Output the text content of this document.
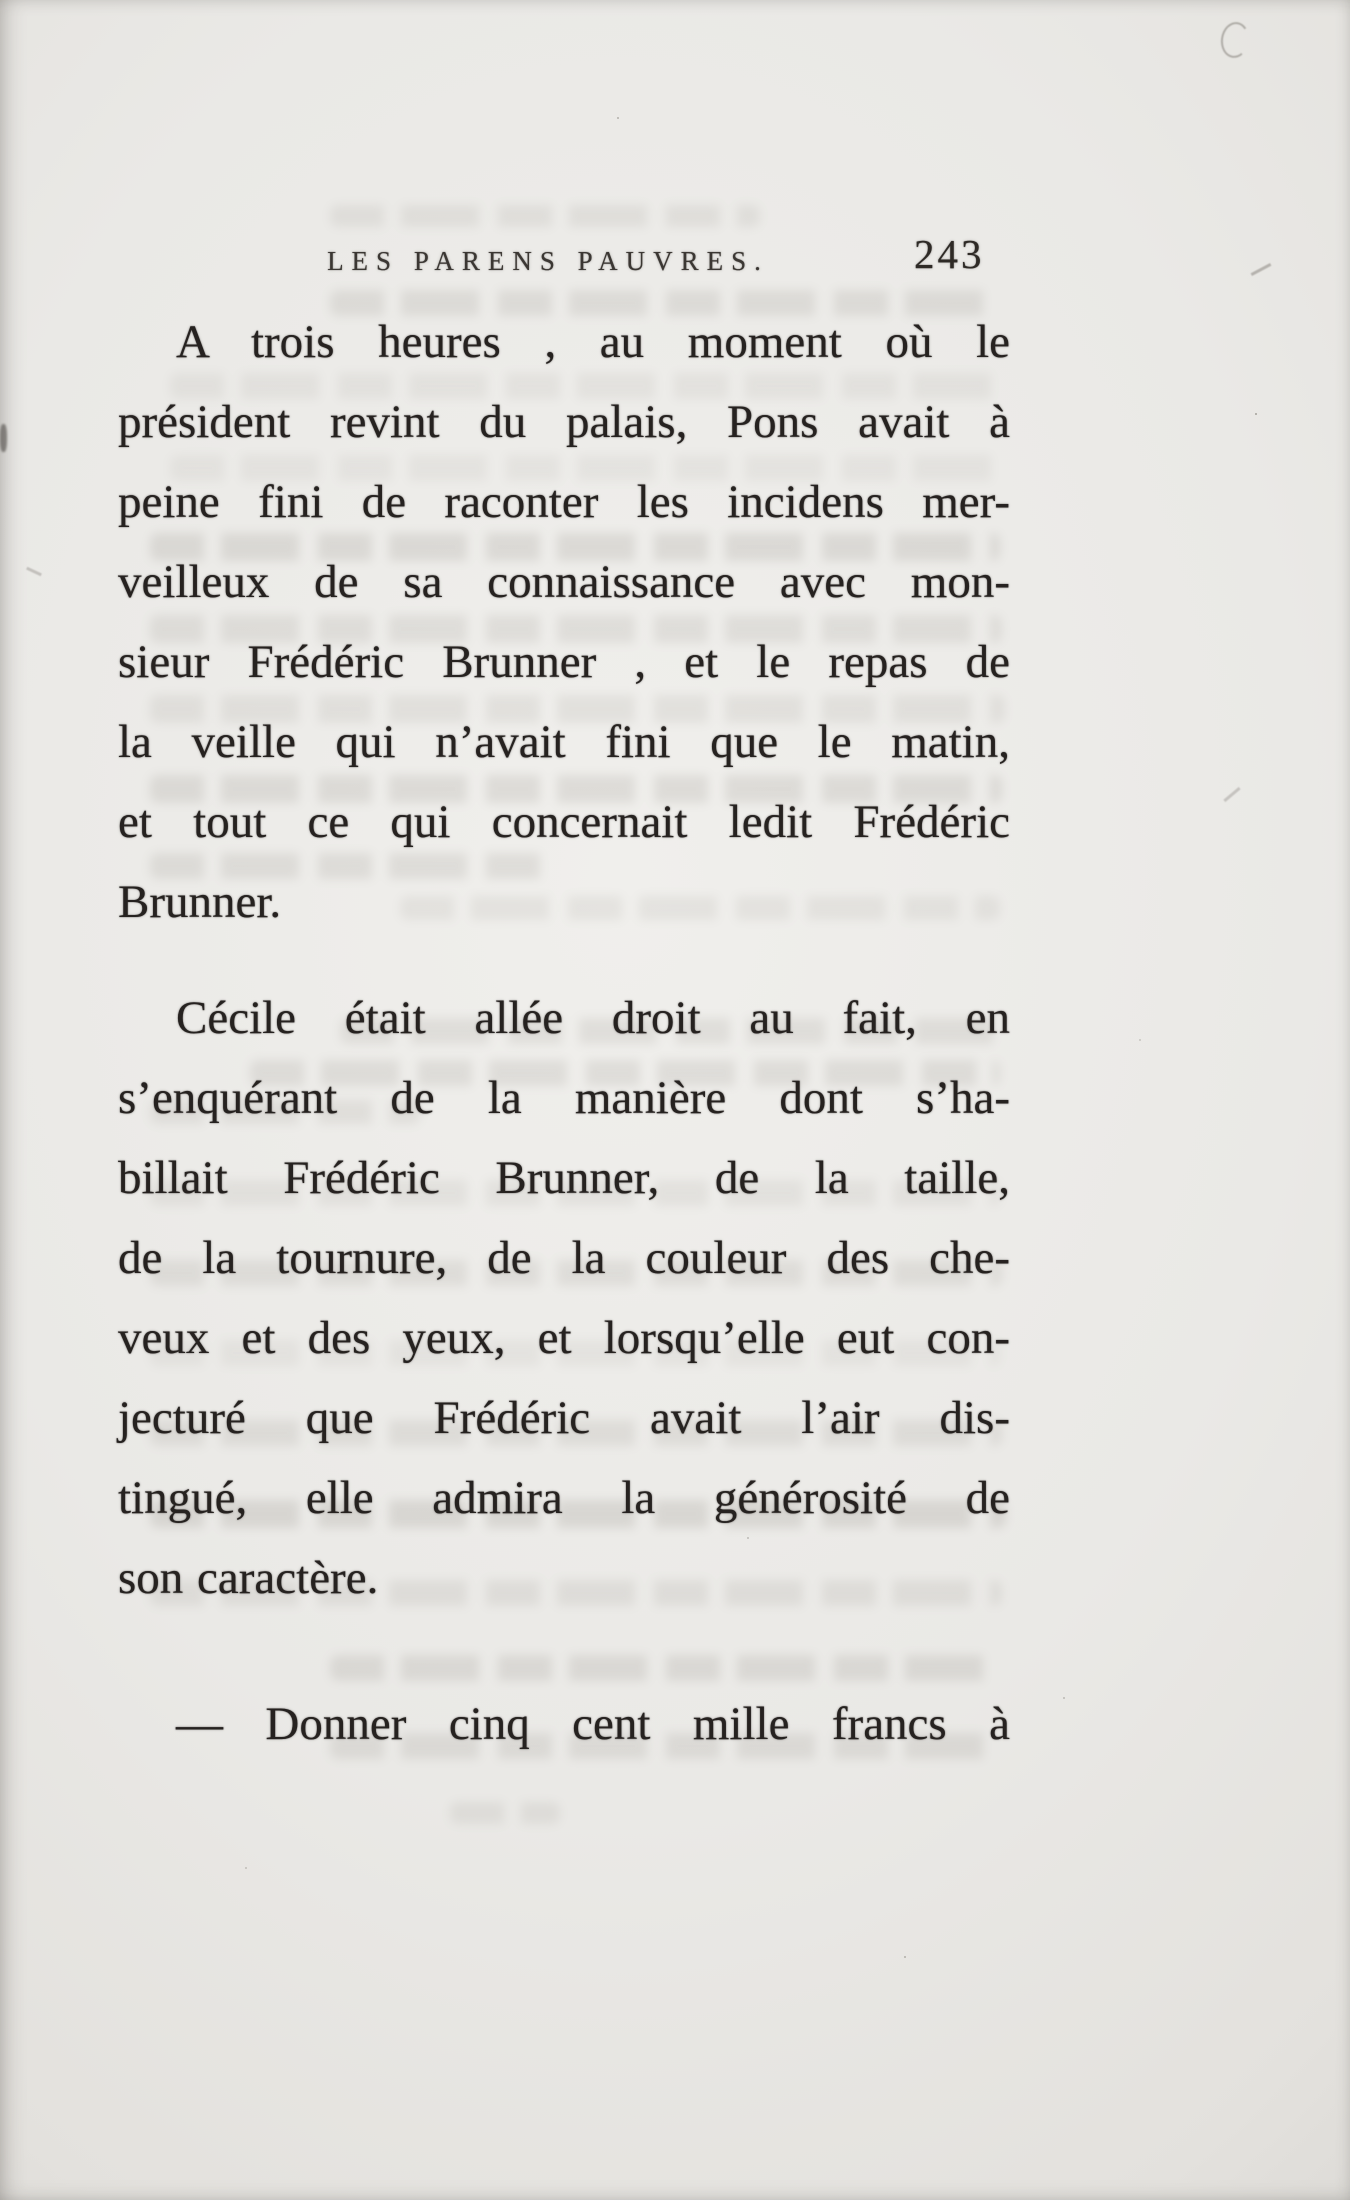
LES PARENS PAUVRES.	243
A trois heures , au moment où le
président revint du palais, Pons avait à
peine fini de raconter les incidens mer-
veilleux de sa connaissance avec mon-
sieur Frédéric Brunner , et le repas de
la veille qui n’avait fini que le matin,
et tout ce qui concernait ledit Frédéric
Brunner.
Cécile était allée droit au fait, en
s’enquérant de la manière dont s’ha-
billait Frédéric Brunner, de la taille,
de la tournure, de la couleur des che-
veux et des yeux, et lorsqu’elle eut con-
jecturé que Frédéric avait l’air dis-
tingué, elle admira la générosité de
son caractère.
— Donner cinq cent mille francs à
